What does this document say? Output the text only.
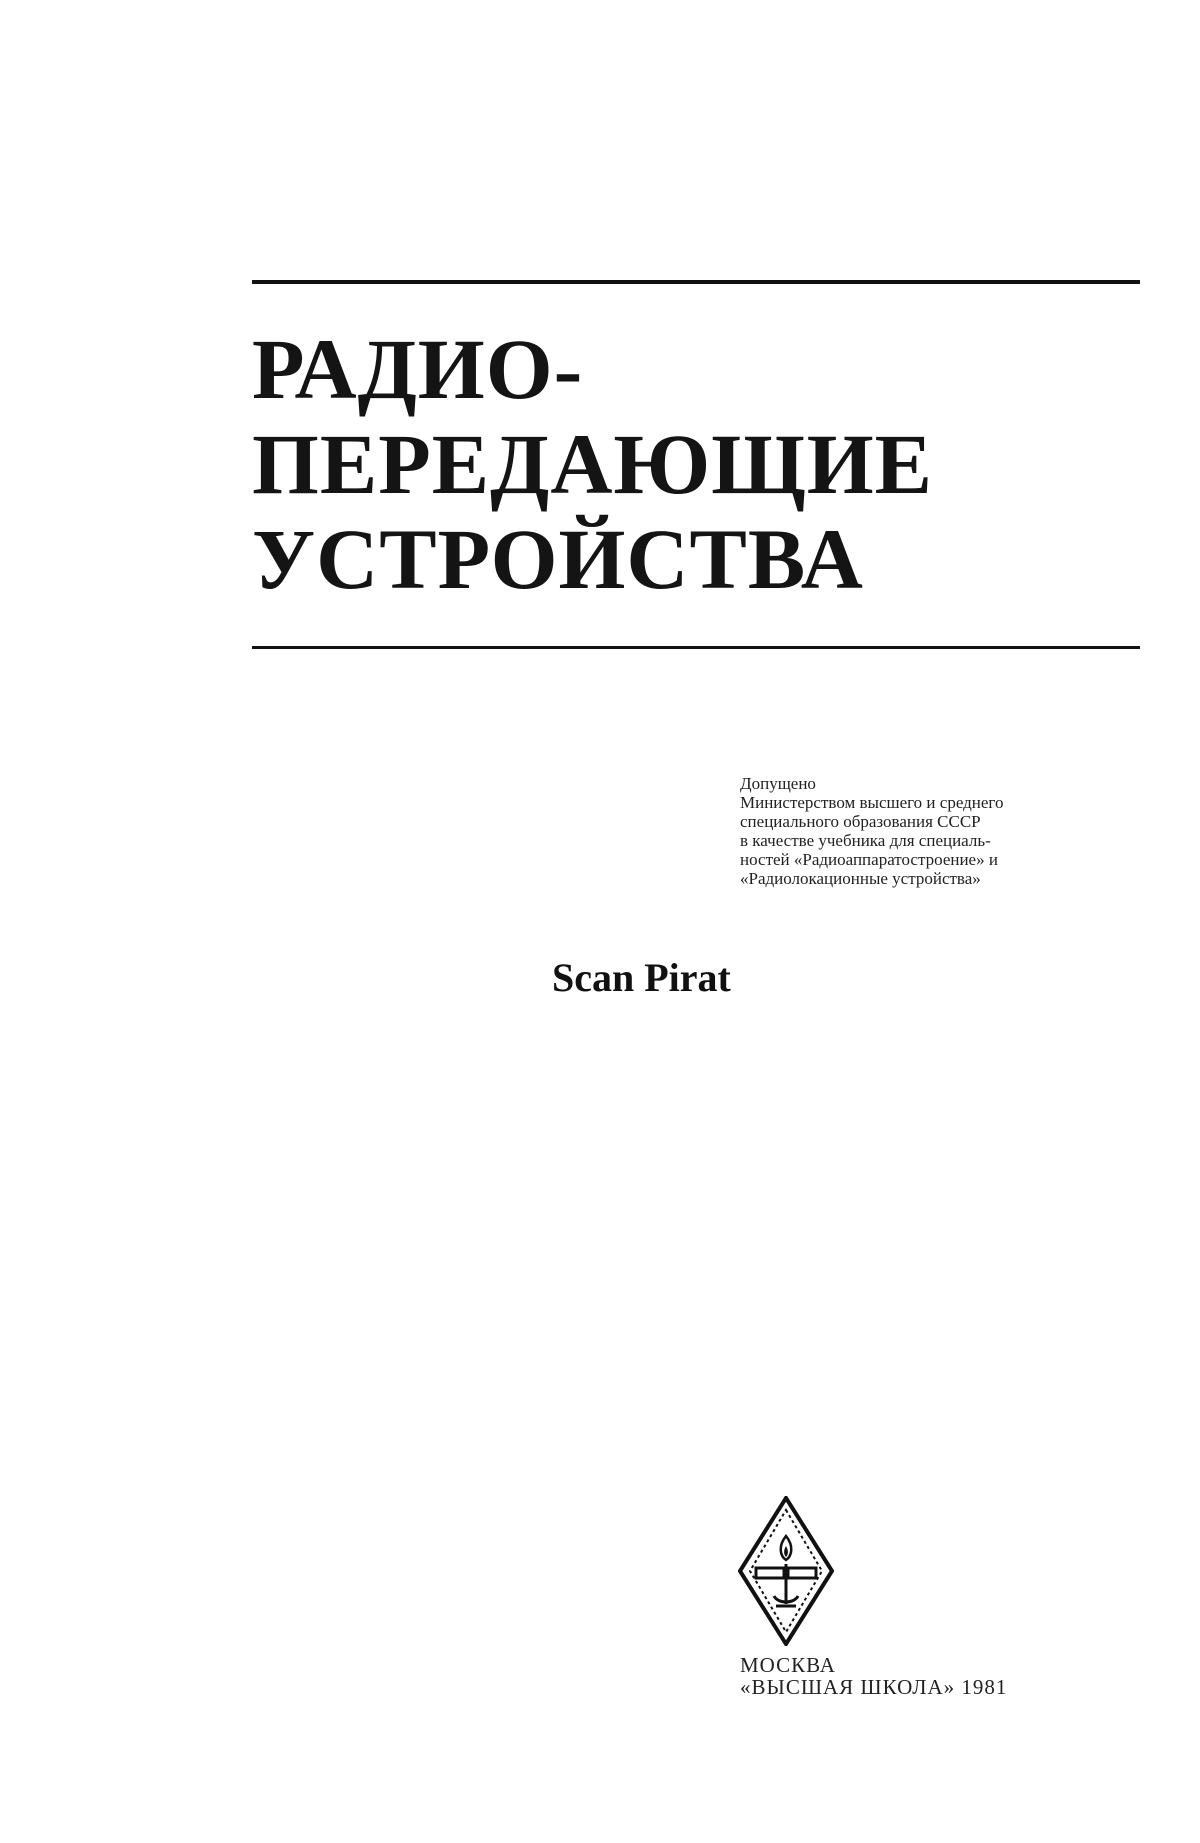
РАДИО-
ПЕРЕДАЮЩИЕ
УСТРОЙСТВА
Допущено
Министерством высшего и среднего
специального образования СССР
в качестве учебника для специаль-
ностей «Радиоаппаратостроение» и
«Радиолокационные устройства»
Scan Pirat
МОСКВА
«ВЫСШАЯ ШКОЛА» 1981
